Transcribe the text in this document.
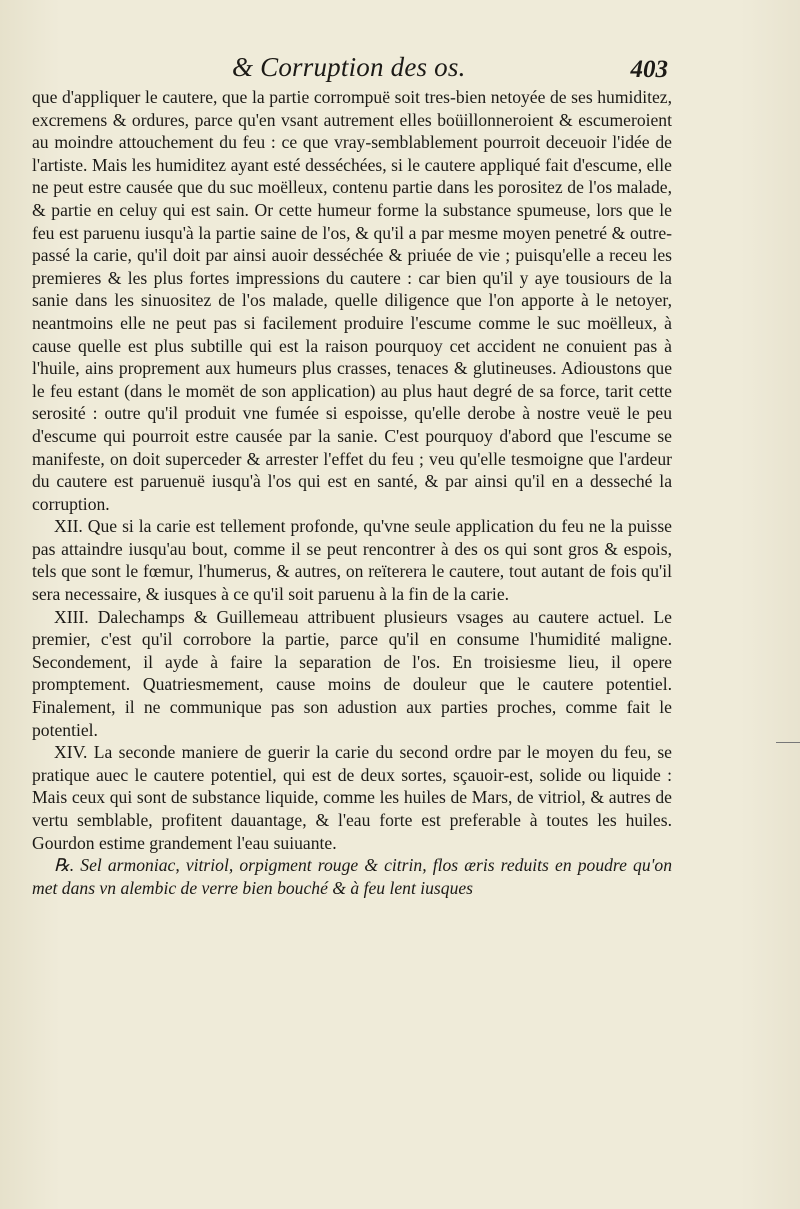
& Corruption des os.	403

que d'appliquer le cautere, que la partie corrompuë soit tres-bien netoyée de ses humiditez, excremens & ordures, parce qu'en vsant autrement elles boüillonneroient & escumeroient au moindre attouchement du feu : ce que vray-semblablement pourroit deceuoir l'idée de l'artiste. Mais les humiditez ayant esté desséchées, si le cautere appliqué fait d'escume, elle ne peut estre causée que du suc moëlleux, contenu partie dans les porositez de l'os malade, & partie en celuy qui est sain. Or cette humeur forme la substance spumeuse, lors que le feu est paruenu iusqu'à la partie saine de l'os, & qu'il a par mesme moyen penetré & outre-passé la carie, qu'il doit par ainsi auoir desséchée & priuée de vie ; puisqu'elle a receu les premieres & les plus fortes impressions du cautere : car bien qu'il y aye tousiours de la sanie dans les sinuositez de l'os malade, quelle diligence que l'on apporte à le netoyer, neantmoins elle ne peut pas si facilement produire l'escume comme le suc moëlleux, à cause quelle est plus subtille qui est la raison pourquoy cet accident ne conuient pas à l'huile, ains proprement aux humeurs plus crasses, tenaces & glutineuses. Adioustons que le feu estant (dans le momët de son application) au plus haut degré de sa force, tarit cette serosité : outre qu'il produit vne fumée si espoisse, qu'elle derobe à nostre veuë le peu d'escume qui pourroit estre causée par la sanie. C'est pourquoy d'abord que l'escume se manifeste, on doit superceder & arrester l'effet du feu ; veu qu'elle tesmoigne que l'ardeur du cautere est paruenuë iusqu'à l'os qui est en santé, & par ainsi qu'il en a desseché la corruption.

XII. Que si la carie est tellement profonde, qu'vne seule application du feu ne la puisse pas attaindre iusqu'au bout, comme il se peut rencontrer à des os qui sont gros & espois, tels que sont le fœmur, l'humerus, & autres, on reïterera le cautere, tout autant de fois qu'il sera necessaire, & iusques à ce qu'il soit paruenu à la fin de la carie.

XIII. Dalechamps & Guillemeau attribuent plusieurs vsages au cautere actuel. Le premier, c'est qu'il corrobore la partie, parce qu'il en consume l'humidité maligne. Secondement, il ayde à faire la separation de l'os. En troisiesme lieu, il opere promptement. Quatriesmement, cause moins de douleur que le cautere potentiel. Finalement, il ne communique pas son adustion aux parties proches, comme fait le potentiel.

XIV. La seconde maniere de guerir la carie du second ordre par le moyen du feu, se pratique auec le cautere potentiel, qui est de deux sortes, sçauoir-est, solide ou liquide : Mais ceux qui sont de substance liquide, comme les huiles de Mars, de vitriol, & autres de vertu semblable, profitent dauantage, & l'eau forte est preferable à toutes les huiles. Gourdon estime grandement l'eau suiuante.

℞. Sel armoniac, vitriol, orpigment rouge & citrin, flos æris reduits en poudre qu'on met dans vn alembic de verre bien bouché & à feu lent iusques
